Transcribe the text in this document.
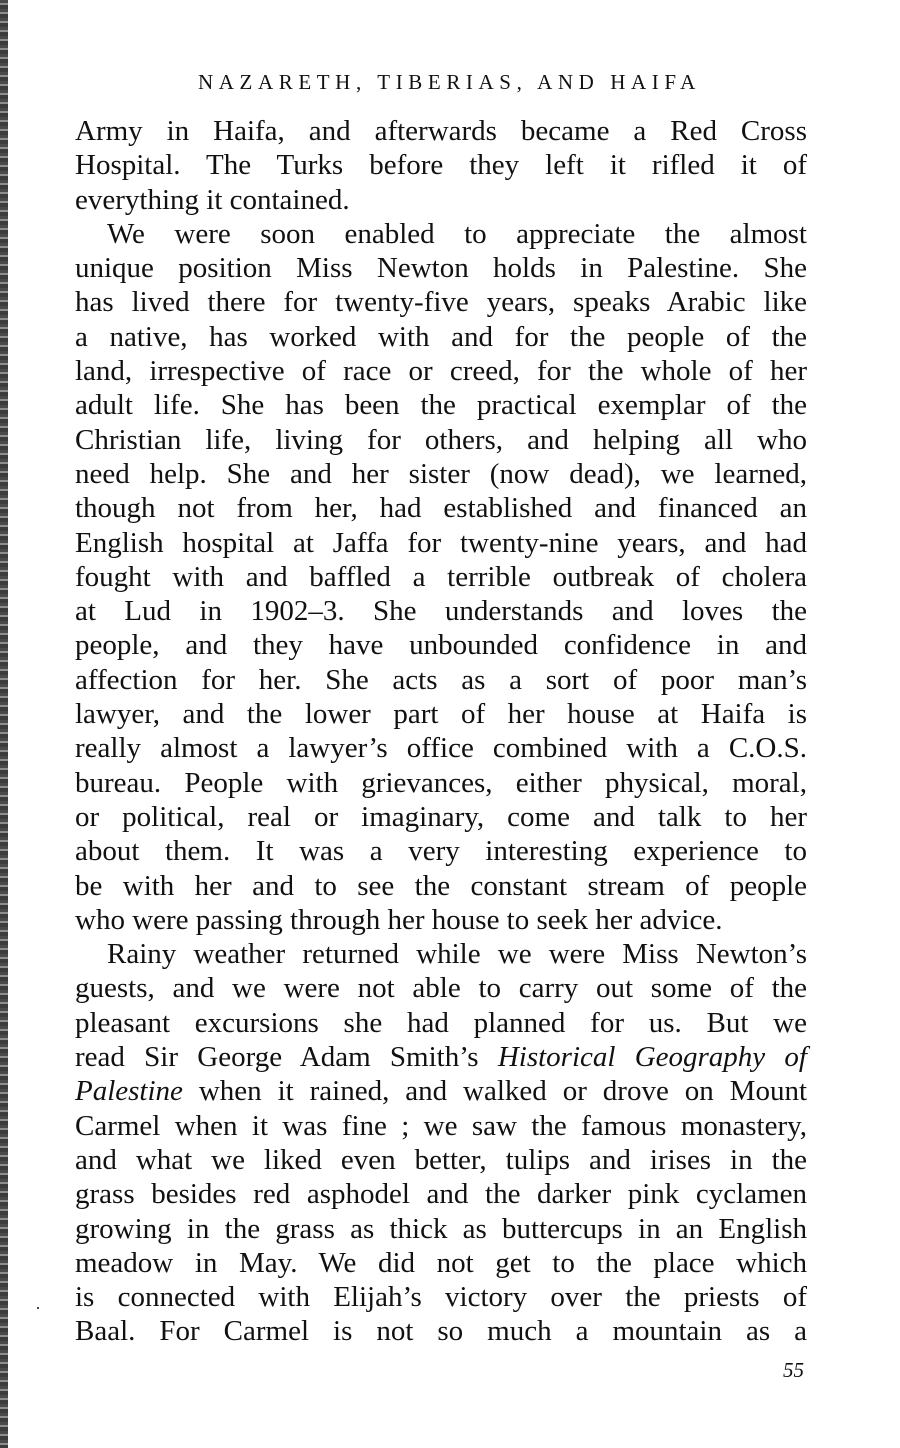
NAZARETH, TIBERIAS, AND HAIFA

Army in Haifa, and afterwards became a Red Cross
Hospital. The Turks before they left it rifled it of
everything it contained.

We were soon enabled to appreciate the almost
unique position Miss Newton holds in Palestine. She
has lived there for twenty-five years, speaks Arabic like
a native, has worked with and for the people of the
land, irrespective of race or creed, for the whole of her
adult life. She has been the practical exemplar of the
Christian life, living for others, and helping all who
need help. She and her sister (now dead), we learned,
though not from her, had established and financed an
English hospital at Jaffa for twenty-nine years, and had
fought with and baffled a terrible outbreak of cholera
at Lud in 1902–3. She understands and loves the
people, and they have unbounded confidence in and
affection for her. She acts as a sort of poor man’s
lawyer, and the lower part of her house at Haifa is
really almost a lawyer’s office combined with a C.O.S.
bureau. People with grievances, either physical, moral,
or political, real or imaginary, come and talk to her
about them. It was a very interesting experience to
be with her and to see the constant stream of people
who were passing through her house to seek her advice.

Rainy weather returned while we were Miss Newton’s
guests, and we were not able to carry out some of the
pleasant excursions she had planned for us. But we
read Sir George Adam Smith’s Historical Geography of
Palestine when it rained, and walked or drove on Mount
Carmel when it was fine ; we saw the famous monastery,
and what we liked even better, tulips and irises in the
grass besides red asphodel and the darker pink cyclamen
growing in the grass as thick as buttercups in an English
meadow in May. We did not get to the place which
is connected with Elijah’s victory over the priests of
Baal. For Carmel is not so much a mountain as a

55
